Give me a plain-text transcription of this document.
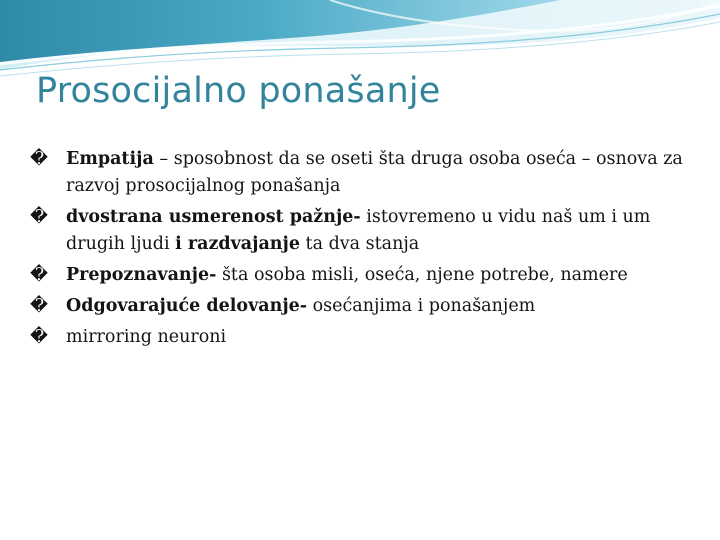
Prosocijalno ponašanje
�	Empatija – sposobnost da se oseti šta druga osoba oseća – osnova za razvoj prosocijalnog ponašanja
�	dvostrana usmerenost pažnje- istovremeno u vidu naš um i um drugih ljudi i razdvajanje ta dva stanja
�	Prepoznavanje- šta osoba misli, oseća, njene potrebe, namere
�	Odgovarajuće delovanje- osećanjima i ponašanjem
�	mirroring neuroni
